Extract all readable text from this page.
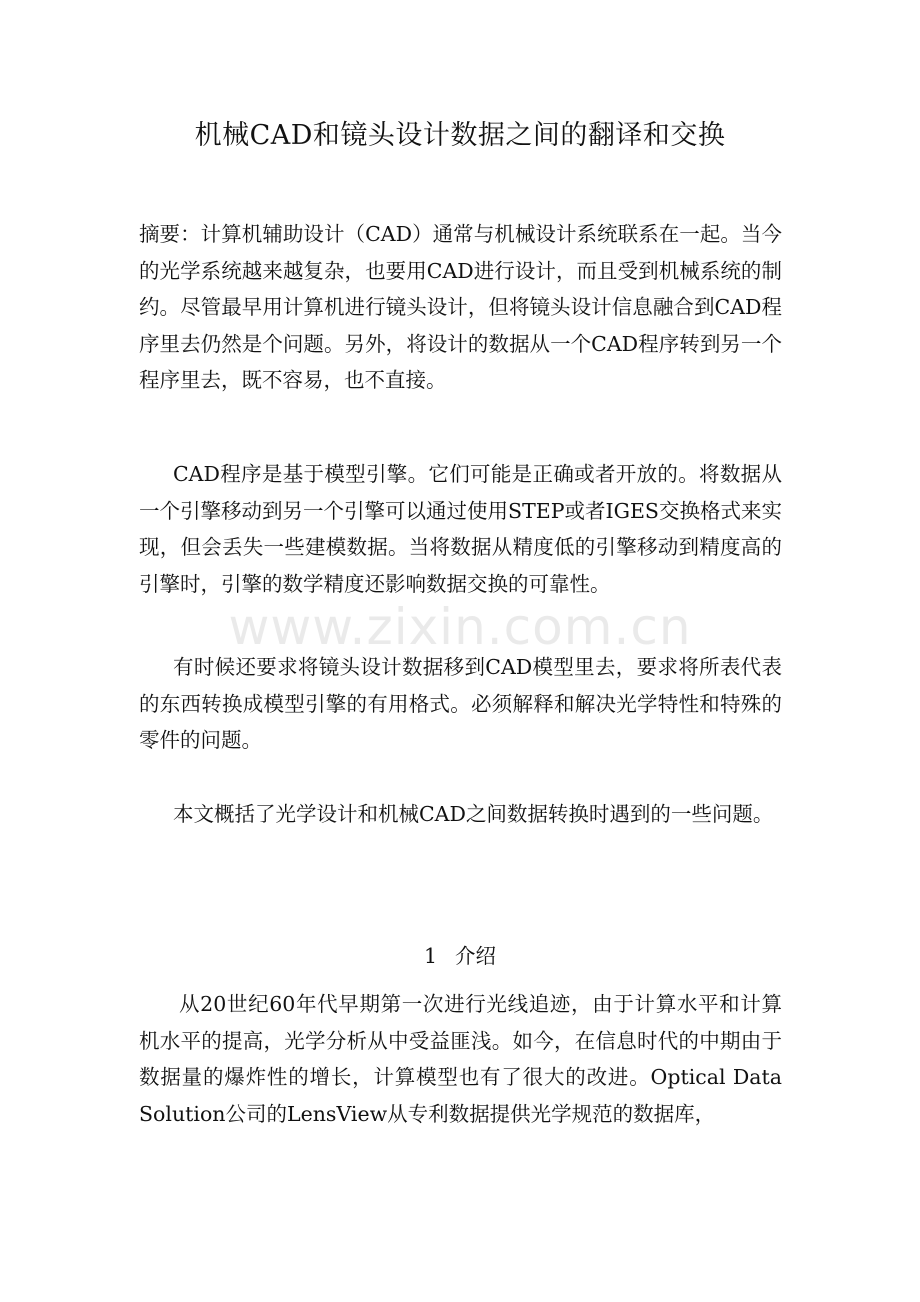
机械CAD和镜头设计数据之间的翻译和交换

摘要：计算机辅助设计（CAD）通常与机械设计系统联系在一起。当今的光学系统越来越复杂，也要用CAD进行设计，而且受到机械系统的制约。尽管最早用计算机进行镜头设计，但将镜头设计信息融合到CAD程序里去仍然是个问题。另外，将设计的数据从一个CAD程序转到另一个程序里去，既不容易，也不直接。

CAD程序是基于模型引擎。它们可能是正确或者开放的。将数据从一个引擎移动到另一个引擎可以通过使用STEP或者IGES交换格式来实现，但会丢失一些建模数据。当将数据从精度低的引擎移动到精度高的引擎时，引擎的数学精度还影响数据交换的可靠性。

有时候还要求将镜头设计数据移到CAD模型里去，要求将所表代表的东西转换成模型引擎的有用格式。必须解释和解决光学特性和特殊的零件的问题。

本文概括了光学设计和机械CAD之间数据转换时遇到的一些问题。

1 介绍

从20世纪60年代早期第一次进行光线追迹，由于计算水平和计算机水平的提高，光学分析从中受益匪浅。如今，在信息时代的中期由于数据量的爆炸性的增长，计算模型也有了很大的改进。Optical Data Solution公司的LensView从专利数据提供光学规范的数据库，

www.zixin.com.cn
